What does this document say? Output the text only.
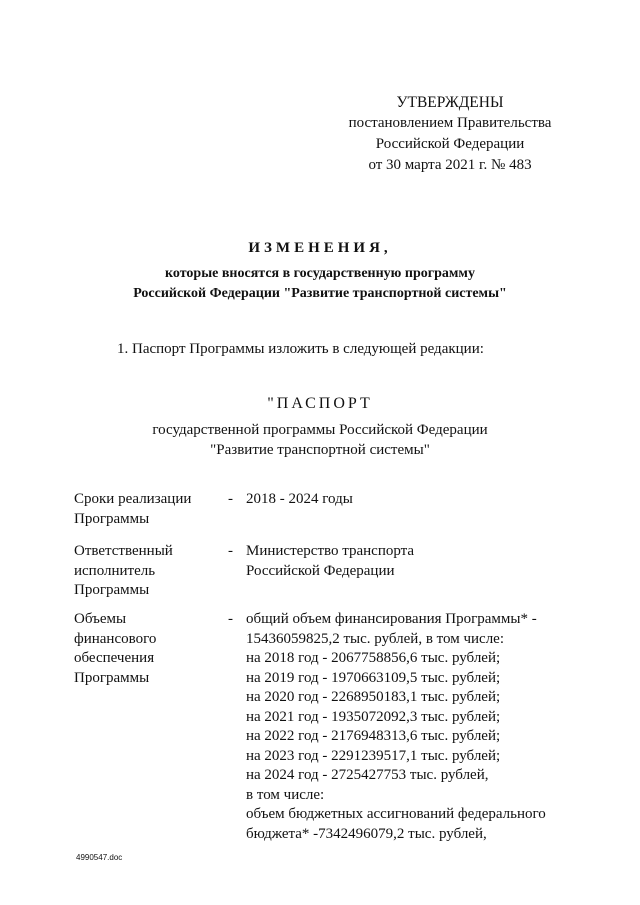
УТВЕРЖДЕНЫ
постановлением Правительства
Российской Федерации
от 30 марта 2021 г. № 483
ИЗМЕНЕНИЯ,
которые вносятся в государственную программу
Российской Федерации "Развитие транспортной системы"
1. Паспорт Программы изложить в следующей редакции:
"ПАСПОРТ
государственной программы Российской Федерации
"Развитие транспортной системы"
Сроки реализации
Программы
- 2018 - 2024 годы
Ответственный
исполнитель
Программы
- Министерство транспорта
Российской Федерации
Объемы
финансового
обеспечения
Программы
- общий объем финансирования Программы* -
15436059825,2 тыс. рублей, в том числе:
на 2018 год - 2067758856,6 тыс. рублей;
на 2019 год - 1970663109,5 тыс. рублей;
на 2020 год - 2268950183,1 тыс. рублей;
на 2021 год - 1935072092,3 тыс. рублей;
на 2022 год - 2176948313,6 тыс. рублей;
на 2023 год - 2291239517,1 тыс. рублей;
на 2024 год - 2725427753 тыс. рублей,
в том числе:
объем бюджетных ассигнований федерального
бюджета* -7342496079,2 тыс. рублей,
4990547.doc
